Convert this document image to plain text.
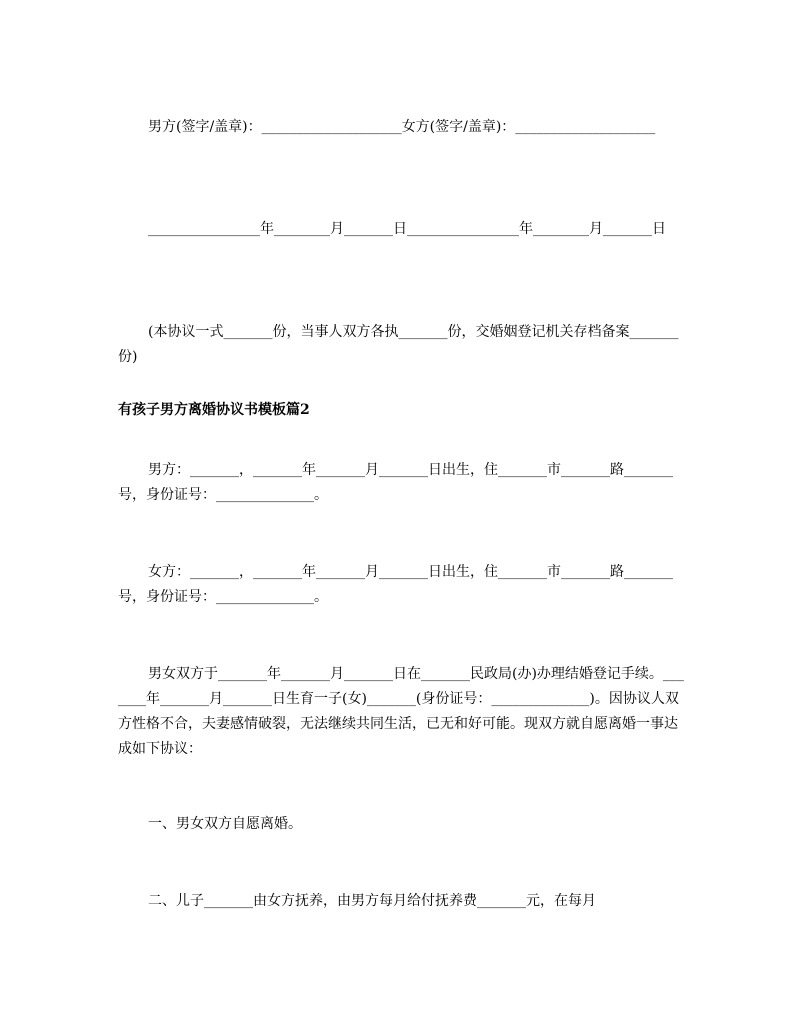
男方(签字/盖章)：____________________女方(签字/盖章)：____________________

________________年________月_______日________________年________月_______日

(本协议一式_______份，当事人双方各执_______份，交婚姻登记机关存档备案_______份)

有孩子男方离婚协议书模板篇2

男方：_______，_______年_______月_______日出生，住_______市_______路_______号，身份证号：______________。

女方：_______，_______年_______月_______日出生，住_______市_______路_______号，身份证号：______________。

男女双方于_______年_______月_______日在_______民政局(办)办理结婚登记手续。_______年_______月_______日生育一子(女)_______(身份证号：______________)。因协议人双方性格不合，夫妻感情破裂，无法继续共同生活，已无和好可能。现双方就自愿离婚一事达成如下协议：

一、男女双方自愿离婚。

二、儿子_______由女方抚养，由男方每月给付抚养费_______元，在每月
